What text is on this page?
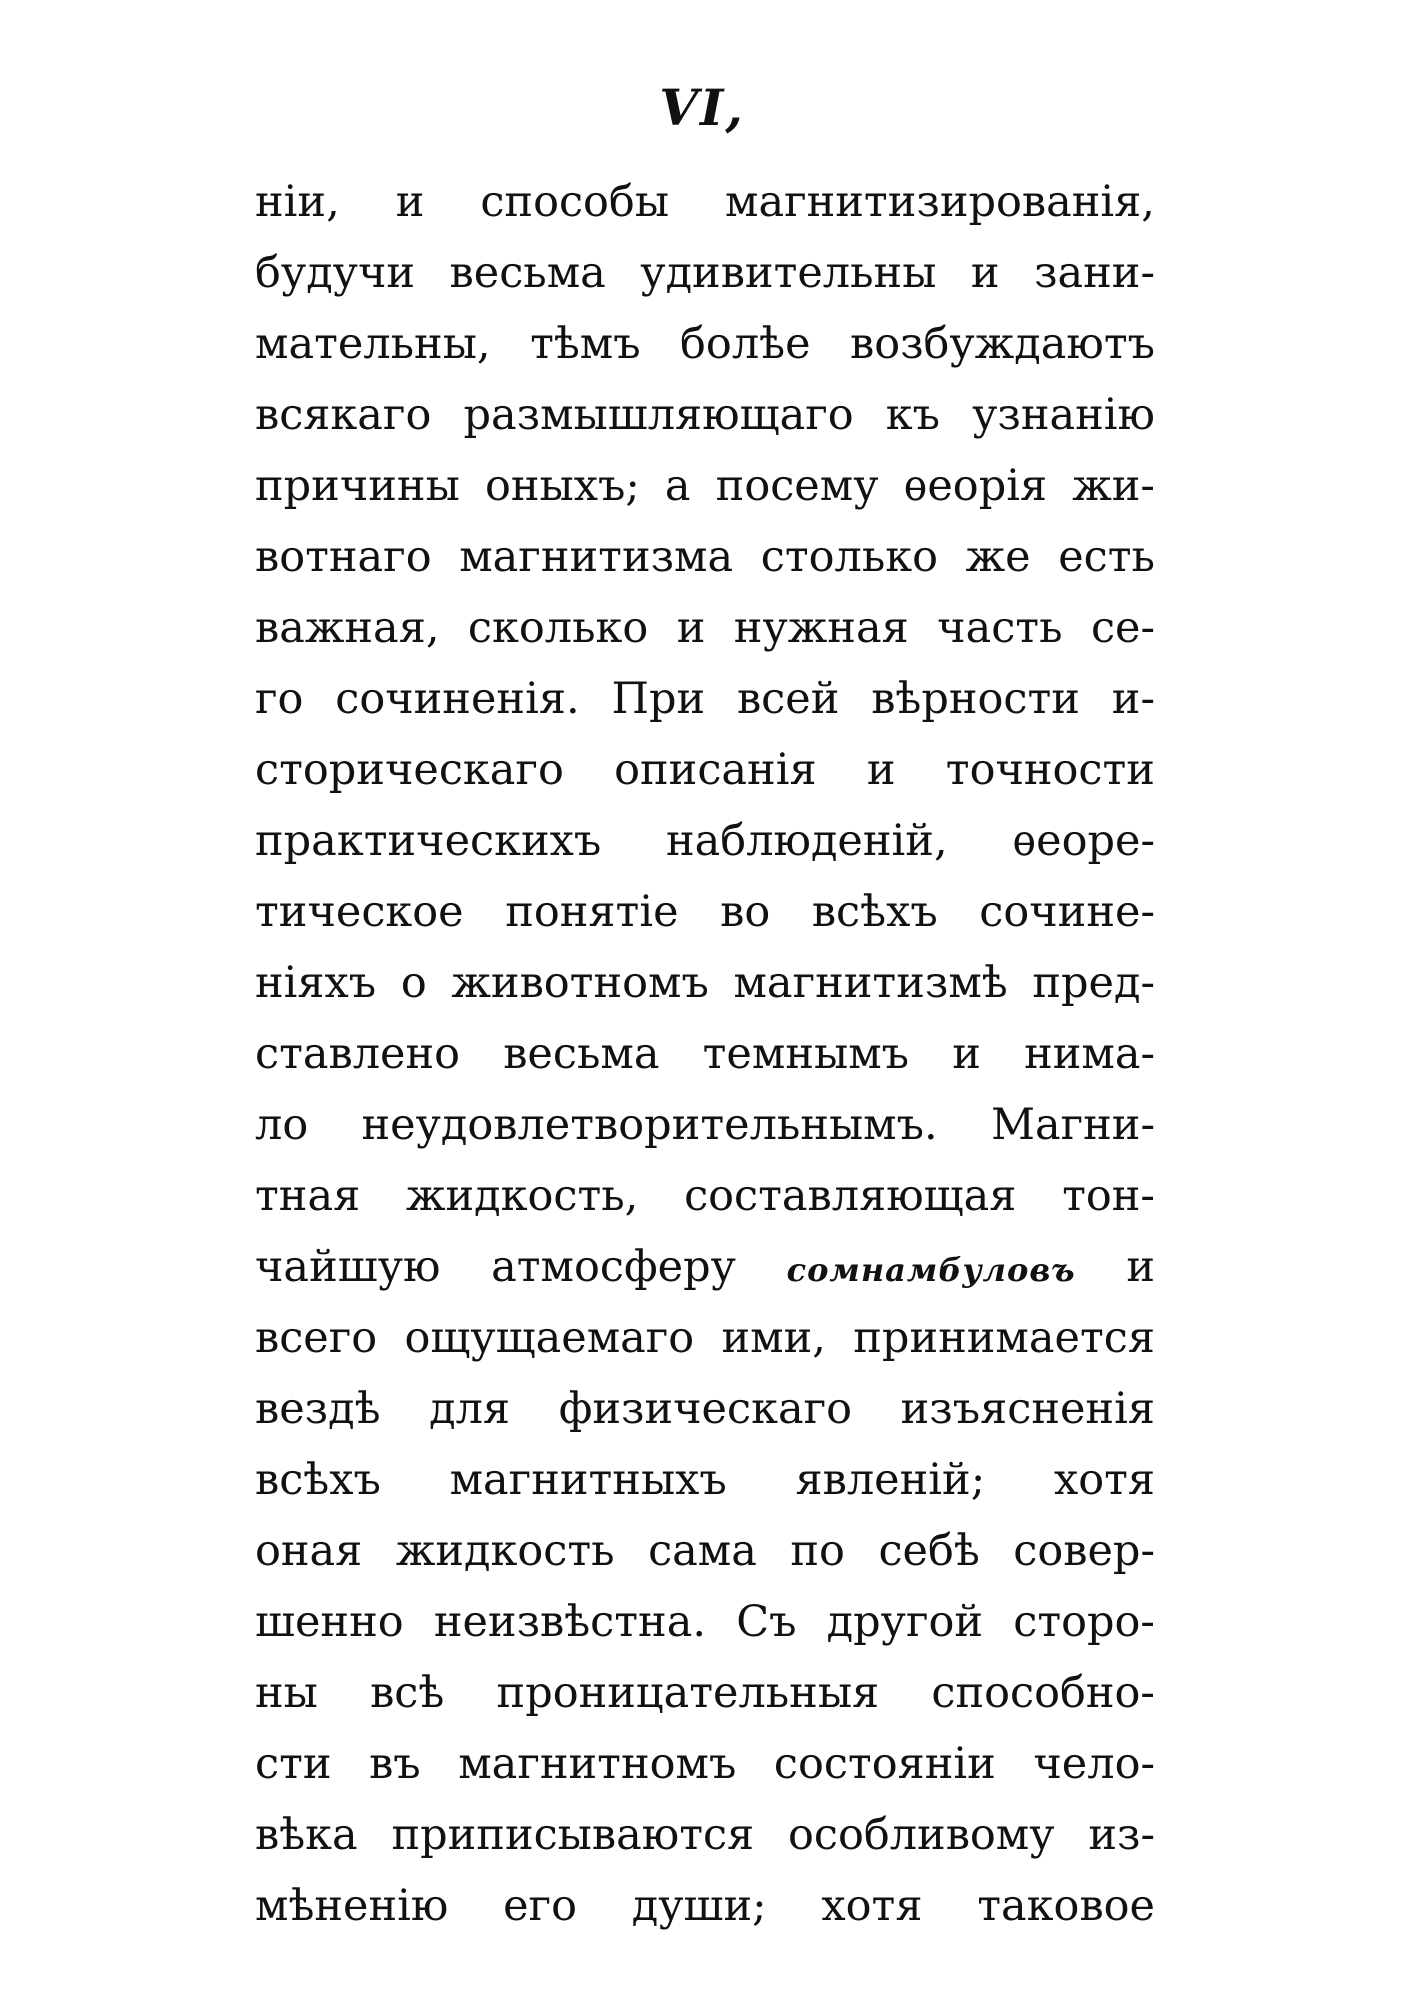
VI,
ніи, и способы магнитизированія,
будучи весьма удивительны и зани-
мательны, тѣмъ болѣе возбуждаютъ
всякаго размышляющаго къ узнанію
причины оныхъ; а посему ѳеорія жи-
вотнаго магнитизма столько же есть
важная, сколько и нужная часть се-
го сочиненія. При всей вѣрности и-
сторическаго описанія и точности
практическихъ наблюденій, ѳеоре-
тическое понятіе во всѣхъ сочине-
ніяхъ о животномъ магнитизмѣ пред-
ставлено весьма темнымъ и нима-
ло неудовлетворительнымъ. Магни-
тная жидкость, составляющая тон-
чайшую атмосферу сомнамбуловъ и
всего ощущаемаго ими, принимается
вездѣ для физическаго изъясненія
всѣхъ магнитныхъ явленій; хотя
оная жидкость сама по себѣ совер-
шенно неизвѣстна. Съ другой сторо-
ны всѣ проницательныя способно-
сти въ магнитномъ состояніи чело-
вѣка приписываются особливому из-
мѣненію его души; хотя таковое
